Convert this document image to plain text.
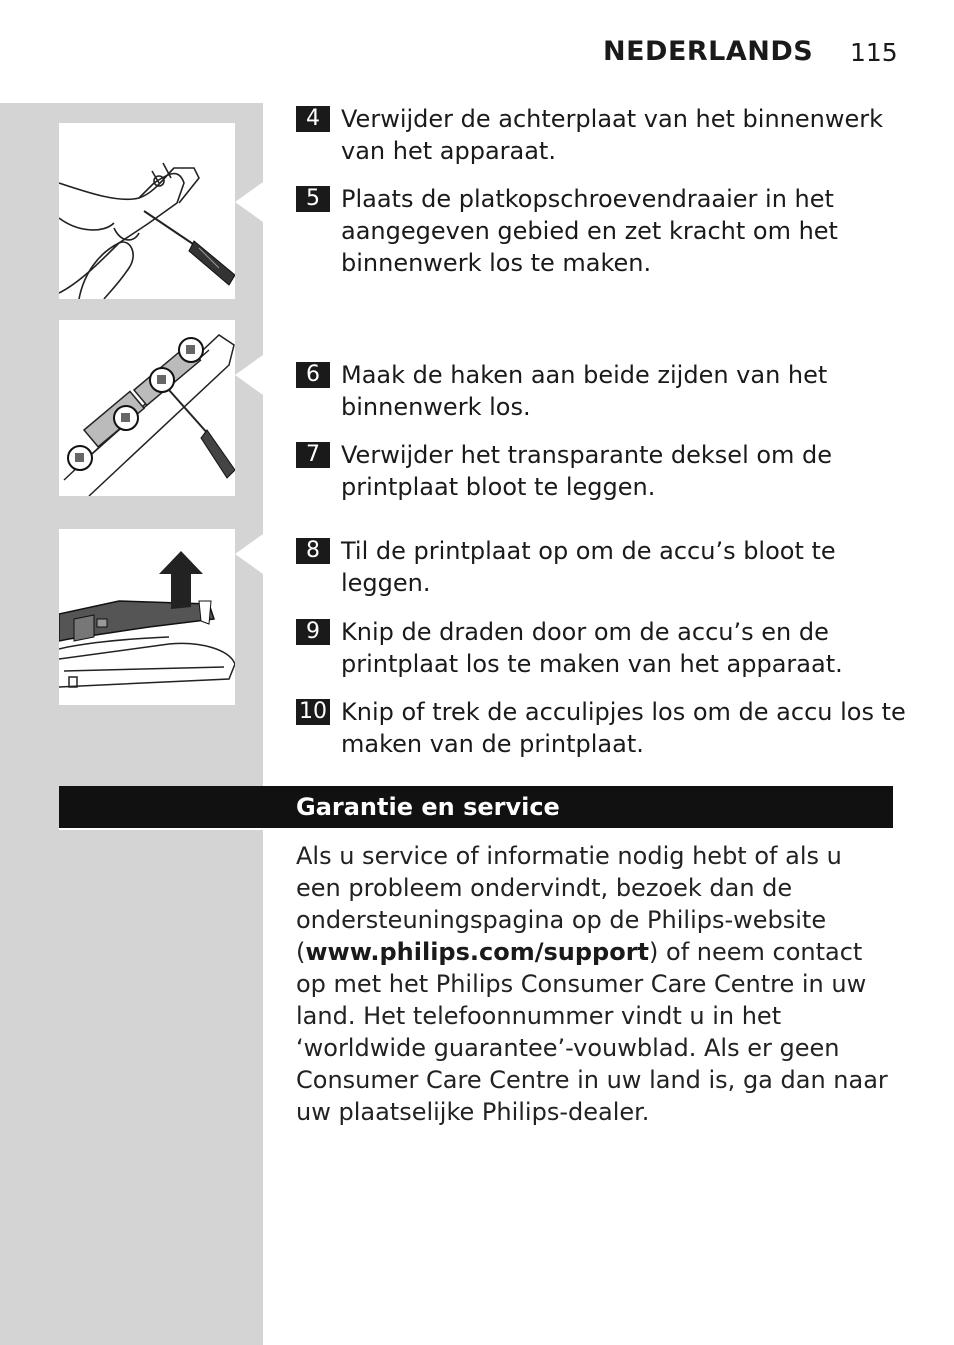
NEDERLANDS 115
4 Verwijder de achterplaat van het binnenwerk van het apparaat.
5 Plaats de platkopschroevendraaier in het aangegeven gebied en zet kracht om het binnenwerk los te maken.
6 Maak de haken aan beide zijden van het binnenwerk los.
7 Verwijder het transparante deksel om de printplaat bloot te leggen.
8 Til de printplaat op om de accu’s bloot te leggen.
9 Knip de draden door om de accu’s en de printplaat los te maken van het apparaat.
10 Knip of trek de acculipjes los om de accu los te maken van de printplaat.
Garantie en service
Als u service of informatie nodig hebt of als u een probleem ondervindt, bezoek dan de ondersteuningspagina op de Philips-website (www.philips.com/support) of neem contact op met het Philips Consumer Care Centre in uw land. Het telefoonnummer vindt u in het ‘worldwide guarantee’-vouwblad. Als er geen Consumer Care Centre in uw land is, ga dan naar uw plaatselijke Philips-dealer.
